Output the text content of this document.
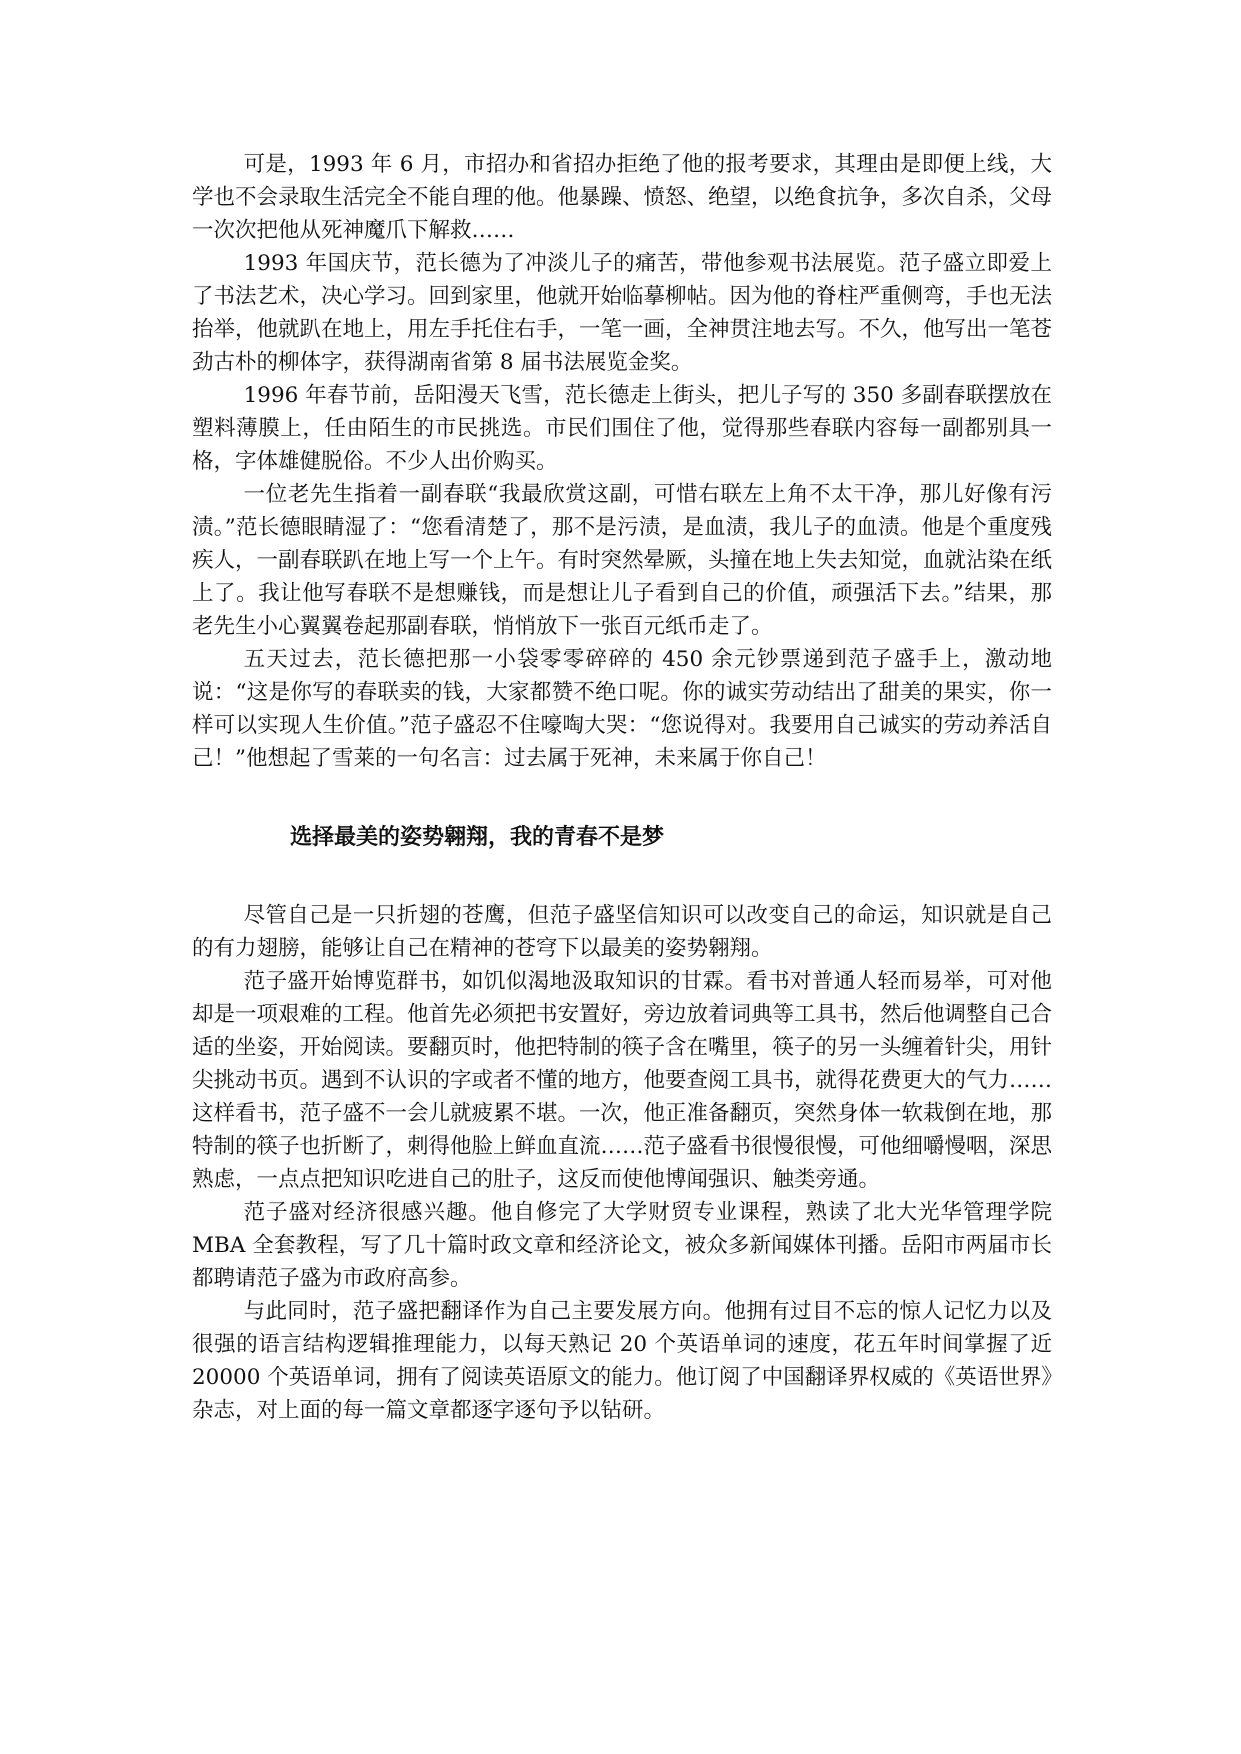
可是，1993 年 6 月，市招办和省招办拒绝了他的报考要求，其理由是即便上线，大学也不会录取生活完全不能自理的他。他暴躁、愤怒、绝望，以绝食抗争，多次自杀，父母一次次把他从死神魔爪下解救……

1993 年国庆节，范长德为了冲淡儿子的痛苦，带他参观书法展览。范子盛立即爱上了书法艺术，决心学习。回到家里，他就开始临摹柳帖。因为他的脊柱严重侧弯，手也无法抬举，他就趴在地上，用左手托住右手，一笔一画，全神贯注地去写。不久，他写出一笔苍劲古朴的柳体字，获得湖南省第 8 届书法展览金奖。

1996 年春节前，岳阳漫天飞雪，范长德走上街头，把儿子写的 350 多副春联摆放在塑料薄膜上，任由陌生的市民挑选。市民们围住了他，觉得那些春联内容每一副都别具一格，字体雄健脱俗。不少人出价购买。

一位老先生指着一副春联“我最欣赏这副，可惜右联左上角不太干净，那儿好像有污渍。”范长德眼睛湿了：“您看清楚了，那不是污渍，是血渍，我儿子的血渍。他是个重度残疾人，一副春联趴在地上写一个上午。有时突然晕厥，头撞在地上失去知觉，血就沾染在纸上了。我让他写春联不是想赚钱，而是想让儿子看到自己的价值，顽强活下去。”结果，那老先生小心翼翼卷起那副春联，悄悄放下一张百元纸币走了。

五天过去，范长德把那一小袋零零碎碎的 450 余元钞票递到范子盛手上，激动地说：“这是你写的春联卖的钱，大家都赞不绝口呢。你的诚实劳动结出了甜美的果实，你一样可以实现人生价值。”范子盛忍不住嚎啕大哭：“您说得对。我要用自己诚实的劳动养活自己！”他想起了雪莱的一句名言：过去属于死神，未来属于你自己！

选择最美的姿势翱翔，我的青春不是梦

尽管自己是一只折翅的苍鹰，但范子盛坚信知识可以改变自己的命运，知识就是自己的有力翅膀，能够让自己在精神的苍穹下以最美的姿势翱翔。

范子盛开始博览群书，如饥似渴地汲取知识的甘霖。看书对普通人轻而易举，可对他却是一项艰难的工程。他首先必须把书安置好，旁边放着词典等工具书，然后他调整自己合适的坐姿，开始阅读。要翻页时，他把特制的筷子含在嘴里，筷子的另一头缠着针尖，用针尖挑动书页。遇到不认识的字或者不懂的地方，他要查阅工具书，就得花费更大的气力……

这样看书，范子盛不一会儿就疲累不堪。一次，他正准备翻页，突然身体一软栽倒在地，那特制的筷子也折断了，刺得他脸上鲜血直流……范子盛看书很慢很慢，可他细嚼慢咽，深思熟虑，一点点把知识吃进自己的肚子，这反而使他博闻强识、触类旁通。

范子盛对经济很感兴趣。他自修完了大学财贸专业课程，熟读了北大光华管理学院 MBA 全套教程，写了几十篇时政文章和经济论文，被众多新闻媒体刊播。岳阳市两届市长都聘请范子盛为市政府高参。

与此同时，范子盛把翻译作为自己主要发展方向。他拥有过目不忘的惊人记忆力以及很强的语言结构逻辑推理能力，以每天熟记 20 个英语单词的速度，花五年时间掌握了近 20000 个英语单词，拥有了阅读英语原文的能力。他订阅了中国翻译界权威的《英语世界》杂志，对上面的每一篇文章都逐字逐句予以钻研。
